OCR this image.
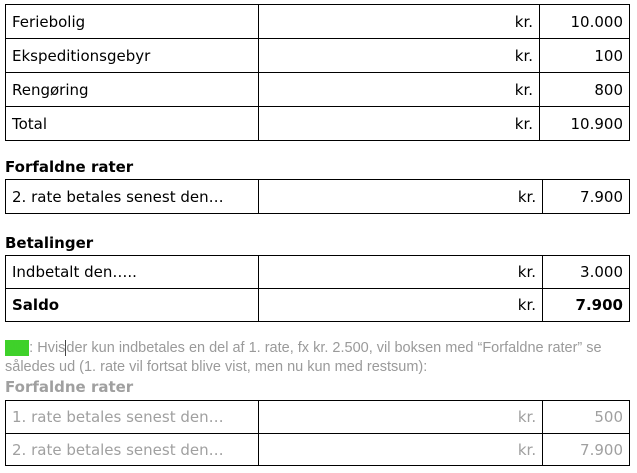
Feriebolig	kr.	10.000
Ekspeditionsgebyr	kr.	100
Rengøring	kr.	800
Total	kr.	10.900
Forfaldne rater
2. rate betales senest den…	kr.	7.900
Betalinger
Indbetalt den…..	kr.	3.000
Saldo	kr.	7.900

NB!: Hvisder kun indbetales en del af 1. rate, fx kr. 2.500, vil boksen med “Forfaldne rater” se således ud (1. rate vil fortsat blive vist, men nu kun med restsum):

Forfaldne rater
1. rate betales senest den…	kr.	500
2. rate betales senest den…	kr.	7.900
